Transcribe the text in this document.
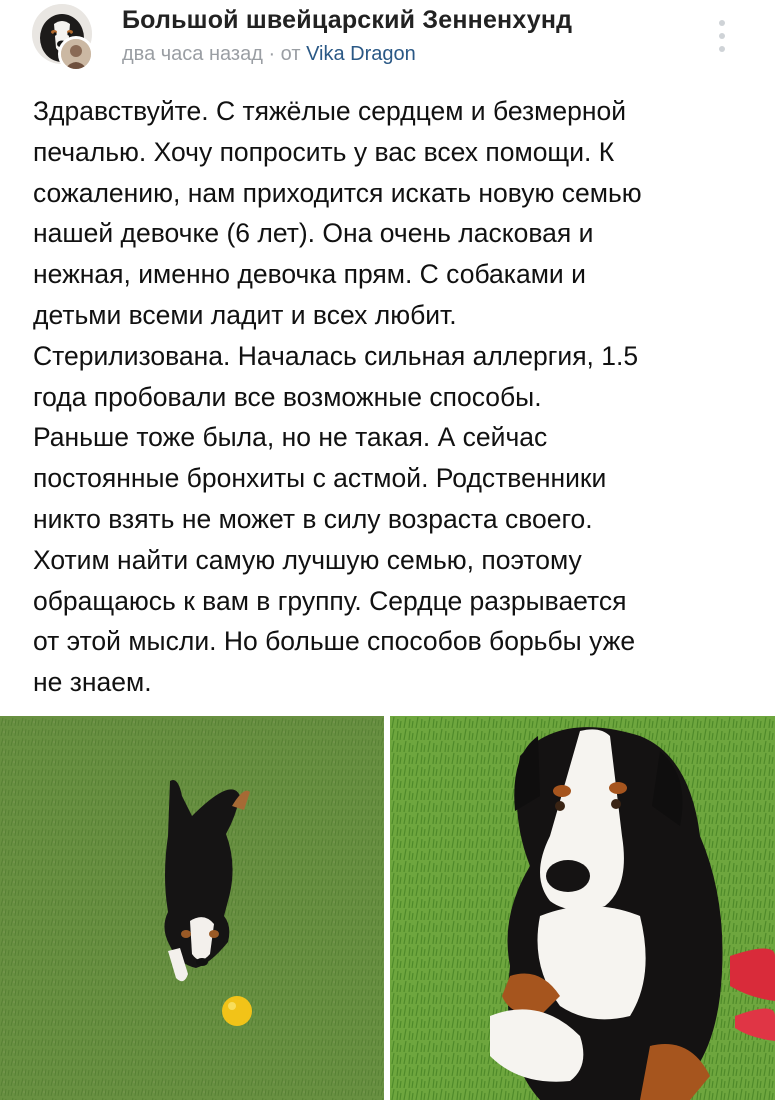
Большой швейцарский Зенненхунд
два часа назад · от Vika Dragon
Здравствуйте. С тяжёлые сердцем и безмерной
печалью. Хочу попросить у вас всех помощи. К
сожалению, нам приходится искать новую семью
нашей девочке (6 лет). Она очень ласковая и
нежная, именно девочка прям. С собаками и
детьми всеми ладит и всех любит.
Стерилизована. Началась сильная аллергия, 1.5
года пробовали все возможные способы.
Раньше тоже была, но не такая. А сейчас
постоянные бронхиты с астмой. Родственники
никто взять не может в силу возраста своего.
Хотим найти самую лучшую семью, поэтому
обращаюсь к вам в группу. Сердце разрывается
от этой мысли. Но больше способов борьбы уже
не знаем.
